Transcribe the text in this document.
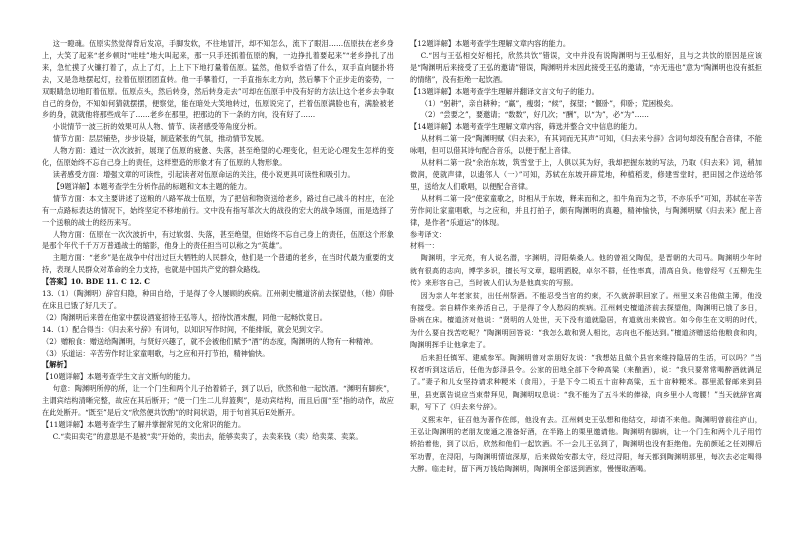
这一瞪魂。伍原实然觉得背后发凉，手脚发软，不往地冒汗，却不知怎么，流下了眼泪……伍原扶在老乡身上，大笑了起来“老乡顿时“哇哇”地大叫起来，那一只手还抓着伍原的胸，一边挣扎着要起来”“老乡挣扎了出来，急忙摸了火镰打着了，点上了灯，上上下下地打量着伍原。猛然，他似乎省悟了什么，双手直向腿扑将去，又是急地摆起灯，拉着伍原团团直转。他一手攀着灯，一手直指东北方向，然后攀下个正步走的姿势，一双眼睛急切地盯着伍原。伍原点头，然后转身，然后转身走去”可却在伍原手中没有好的方法让这个老乡去争取自己的身份，不知如何猜就摆摆，便察觉，能在暗处大笑地转过，伍原说完了，拦着伍原满脸也有，满脸被老乡的身，就就他将那些成年了……老乡在那里，把那边的下一条的方向，没有好了……

小说情节一波三折的效果可从人物、情节、读者感受等角度分析。

情节方面：层层铺垫，步步设疑，制造紧张的气氛，推动情节发展。

人物方面：通过一次次波折，展现了伍原的疲惫、失落，甚至绝望的心理变化，但无论心理发生怎样的变化，伍原始终不忘自己身上的责任，这样塑造的形象才有了伍原的人物形象。

读者感受方面：增强文章的可读性，引起读者对伍原命运的关注，使小说更具可读性和吸引力。

【9题详解】本题考查学生分析作品的标题和文本主题的能力。

情节方面：本文主要讲述了送粮的八路军战士伍原，为了把信和物资送给老乡，路过自己战斗的村庄，在沦有一点路标表达的情况下，始终坚定不移地前行。文中没有指写革次大的战役的宏大的战争场面，而是选择了一个送粮的战士的经历来写。

人物方面：伍原在一次次波折中，有过软弱、失落，甚至绝望，但始终不忘自己身上的责任，伍原这个形象是那个年代千千万万普通战士的缩影，他身上的责任担当可以称之为“英雄”。

主题方面：“老乡”是在战争中付出过巨大牺牲的人民群众，他们是一个普通的老乡，在当时代最为重要的支持，表现人民群众对革命的全力支持，也就是中国共产党的群众路线。

【答案】10. BDE 11. C 12. C

13.（1）（陶渊明）辞官归隐，种田自给，于是得了令人屡顾的疾病。江州刺史檀道济前去探望他，（他）仰卧在床且已饿了好几天了。

（2）陶渊明后来曾在他家中摆设酒宴招待王弘等人，招待饮酒未醒，同他一起畅饮竟日。

14.（1）配合得当：《归去来兮辞》有词句，以知识写作时间，不能排版，就会见到文字。

（2）赠粮食：赠送给陶渊明，与贤好兴趣了，就不会被他们赋予“酒”的态度，陶渊明的人物有一种精神。

（3）乐道运：辛苦劳作时让家童唱歌，与之应和开打节拍，精神愉快。

【解析】

【10题详解】本题考查学生文言文断句的能力。

句意：陶渊明所停的所，让一个门生和两个儿子抬着轿子，到了以后，欣然和他一起饮酒。“渊明有脚疾”，主谓宾结构清晰完整，故应在其后断开；“使一门生二儿舁篮舆”，是动宾结构，而且后面“至”指的动作，故应在此处断开。“既至”是后文“欣然便共饮酌”的时间状语，用于句首其后E处断开。

【11题详解】本题考查学生了解并掌握常见的文化常识的能力。

C.“卖田卖宅”的意思是不是被“卖”开始的，卖出去，能够卖卖了，去卖来钱（卖）给卖菜、卖菜。

【12题详解】本题考查学生理解文章内容的能力。

C.“因与王弘相交好相托，欣然共饮”错误，文中并没有说陶渊明与王弘相好，且与之共饮的原因是应该是“陶渊明后来接受了王弘的邀请”错误，陶渊明并未因此接受王弘的邀请，“亦无违也”意为“陶渊明也没有抵拒的情绪”，没有拒绝一起饮酒。

【13题详解】本题考查学生理解并翻译文言文句子的能力。

（1）“躬耕”，亲自耕种；“赢”，瘦弱；“候”，探望；“偃卧”，仰卧；荒困极矣。

（2）“尝要之”，要邀请；“数数”，好几次；“酬”，以“为”，必“为”……

【14题详解】本题考查学生理解文章内容，筛选并整合文中信息的能力。

从材料二第一段“陶渊明赋《归去来》，有其词而无其声”可知，《归去来兮辞》含词句却没有配合音律，不能咏唱，但可以借其诗句配合音乐，以便于配上音律。

从材料二第一段“余治东坡，筑雪堂于上，人俱以其为好，我却把握东坡的写法，乃取《归去来》词，稍加微润，使就声律，以遗邻人（一）”可知，苏轼在东坡开辟荒地，种植稻麦，修建雪堂时，把田园之作送给邻里，送给友人们歌唱，以便配合音律。

从材料二第一段“使家童歌之，时相从于东坡，释耒而和之，扣牛角而为之节，不亦乐乎”可知，苏轼在辛苦劳作间让家童唱歌，与之应和，并且打拍子，颇有陶渊明的真趣，精神愉快，与陶渊明赋《归去来》配上音律，是作者“乐道运”的体现。

参考译文：

材料一：

陶渊明，字元亮，有人说名潜，字渊明，浔阳柴桑人。他的曾祖父陶侃，是晋朝的大司马。陶渊明少年时就有很高的志向，博学多识，擅长写文章，聪明洒脱，卓尔不群，任性率真，清高自负。他曾经写《五柳先生传》来形容自己，当时被人们认为是他真实的写照。

因为亲人年老家贫，出任州祭酒。不能忍受当官的约束，不久就辞职回家了。州里又来召他做主簿，他没有接受。亲自耕作来养活自己，于是得了令人愁闷的疾病。江州刺史檀道济前去探望他，陶渊明已饿了多日，卧病在床。檀道济对他说：“贤明的人处世，天下没有道就隐居，有道就出来做官。如今你生在文明的时代，为什么要自找苦吃呢？”陶渊明回答说：“我怎么敢和贤人相比，志向也不能达到。”檀道济赠送给他粮食和肉，陶渊明挥手让他拿走了。

后来担任镇军、建威参军。陶渊明曾对亲朋好友说：“我想姑且做个县官来维持隐居的生活，可以吗？”当权者听到这话后，任他为彭泽县令。公家的田地全部下令种高粱（来酿酒），说：“我只要常常喝醉酒就满足了。”妻子和儿女坚持请求种粳米（食用），于是下令二顷五十亩种高粱，五十亩种粳米。郡里派督邮来到县里，县吏禀告说应当束带拜见，陶渊明叹息说：“我不能为了五斗米的俸禄，向乡里小人弯腰！”当天就辞官离职，写下了《归去来兮辞》。

义熙末年，征召他为著作佐郎，他没有去。江州刺史王弘想和他结交，却请不来他。陶渊明曾前往庐山，王弘让陶渊明的老朋友庞通之准备好酒，在半路上的栗里邀请他。陶渊明有脚病，让一个门生和两个儿子用竹轿抬着他，到了以后，欣然和他们一起饮酒。不一会儿王弘到了，陶渊明也没有拒绝他。先前颜延之任刘柳后军功曹，在浔阳，与陶渊明情谊深厚，后来做始安郡太守，经过浔阳，每天都到陶渊明那里，每次去必定喝得大醉。临走时，留下两万钱给陶渊明，陶渊明全部送到酒家，慢慢取酒喝。
